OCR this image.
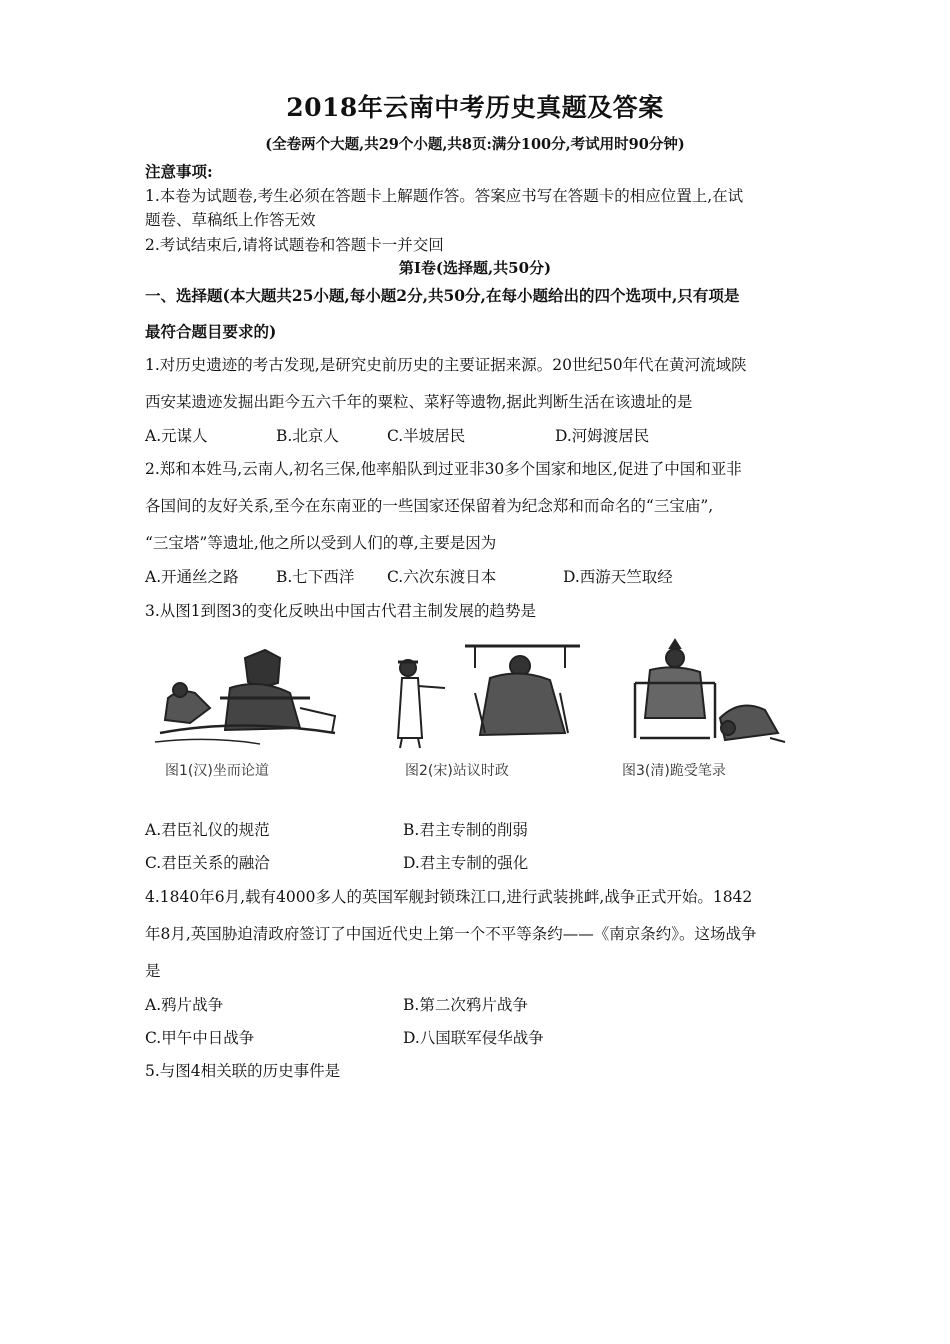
2018年云南中考历史真题及答案
(全卷两个大题,共29个小题,共8页:满分100分,考试用时90分钟)
注意事项:
1.本卷为试题卷,考生必须在答题卡上解题作答。答案应书写在答题卡的相应位置上,在试
题卷、草稿纸上作答无效
2.考试结束后,请将试题卷和答题卡一并交回
第Ⅰ卷(选择题,共50分)
一、选择题(本大题共25小题,每小题2分,共50分,在每小题给出的四个选项中,只有项是
最符合题目要求的)
1.对历史遗迹的考古发现,是研究史前历史的主要证据来源。20世纪50年代在黄河流域陕
西安某遗迹发掘出距今五六千年的粟粒、菜籽等遗物,据此判断生活在该遗址的是
A.元谋人	B.北京人	C.半坡居民	D.河姆渡居民
2.郑和本姓马,云南人,初名三保,他率船队到过亚非30多个国家和地区,促进了中国和亚非
各国间的友好关系,至今在东南亚的一些国家还保留着为纪念郑和而命名的“三宝庙”,
“三宝塔”等遗址,他之所以受到人们的尊,主要是因为
A.开通丝之路 B.七下西洋 C.六次东渡日本	D.西游天竺取经
3.从图1到图3的变化反映出中国古代君主制发展的趋势是
图1(汉)坐而论道	图2(宋)站议时政	图3(清)跪受笔录
A.君臣礼仪的规范	B.君主专制的削弱
C.君臣关系的融洽	D.君主专制的强化
4.1840年6月,载有4000多人的英国军舰封锁珠江口,进行武装挑衅,战争正式开始。1842
年8月,英国胁迫清政府签订了中国近代史上第一个不平等条约——《南京条约》。这场战争
是
A.鸦片战争	B.第二次鸦片战争
C.甲午中日战争	D.八国联军侵华战争
5.与图4相关联的历史事件是
